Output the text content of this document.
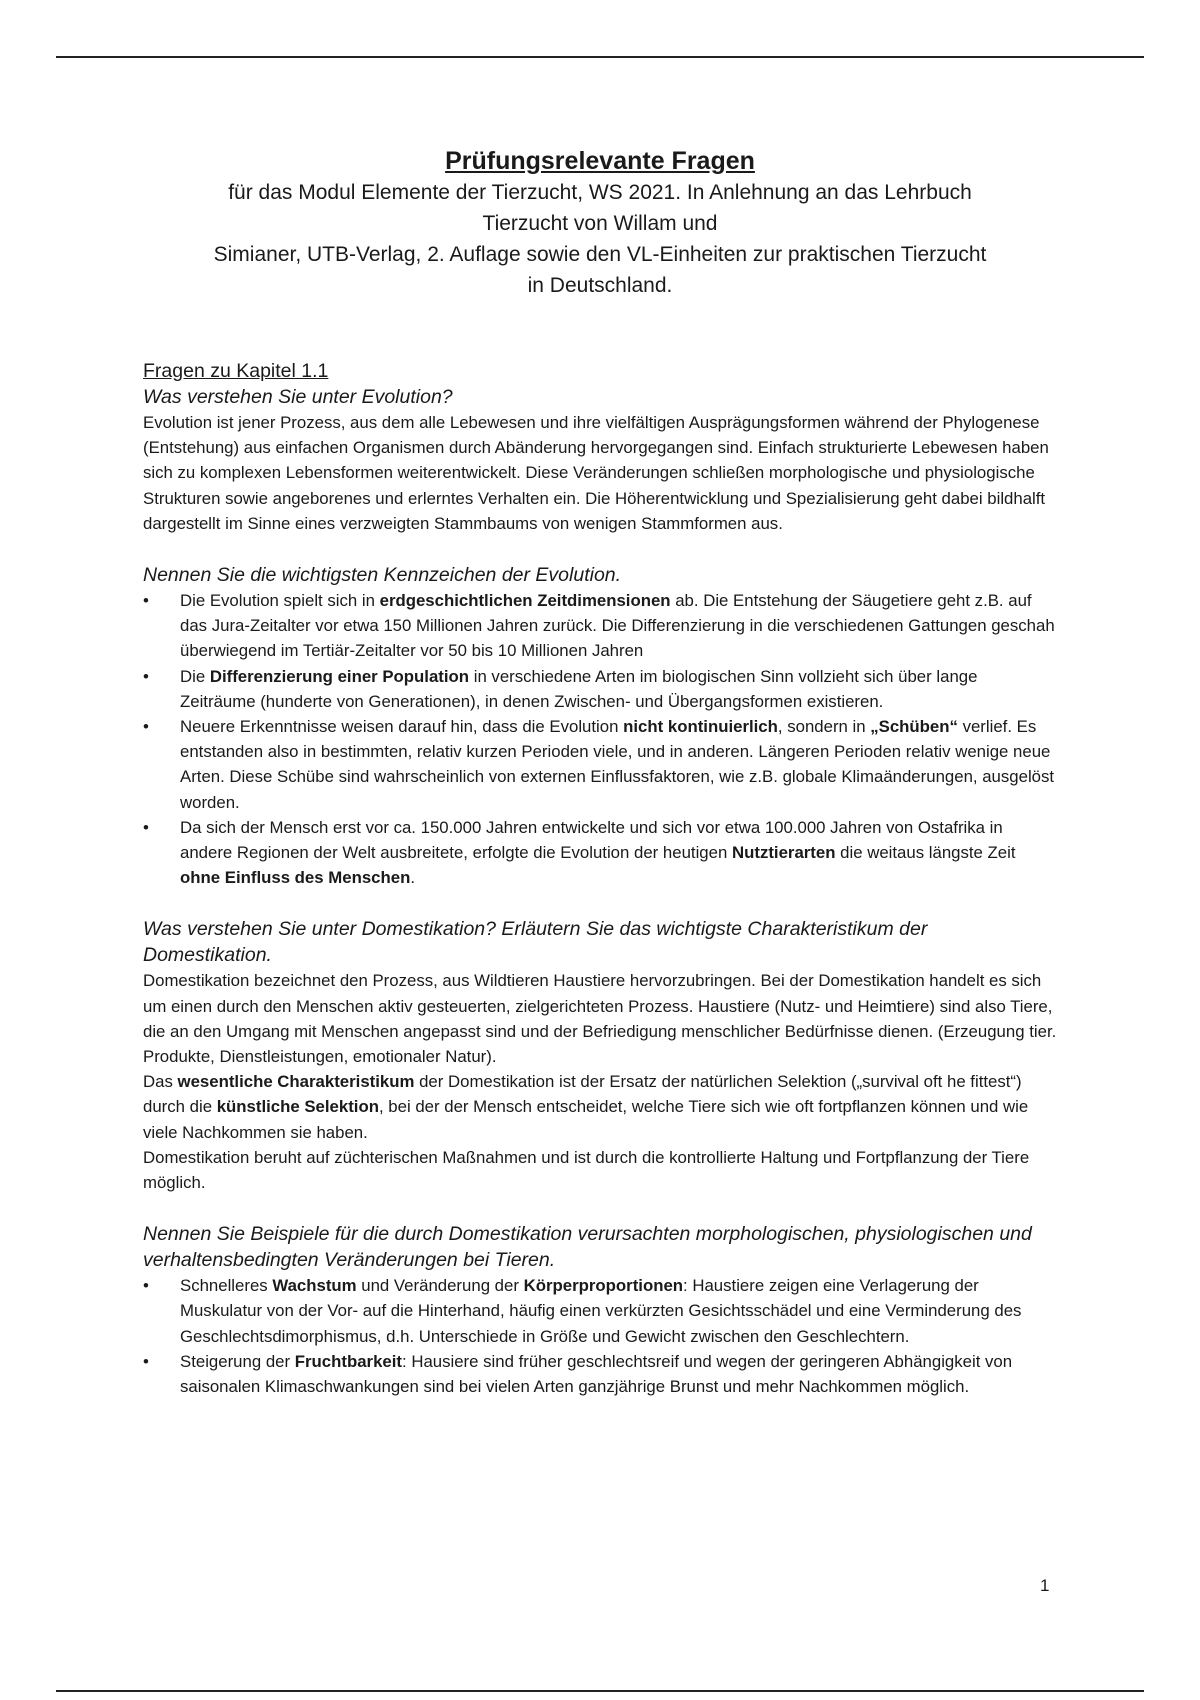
Prüfungsrelevante Fragen
für das Modul Elemente der Tierzucht, WS 2021. In Anlehnung an das Lehrbuch
Tierzucht von Willam und
Simianer, UTB-Verlag, 2. Auflage sowie den VL-Einheiten zur praktischen Tierzucht
in Deutschland.
Fragen zu Kapitel 1.1
Was verstehen Sie unter Evolution?

Evolution ist jener Prozess, aus dem alle Lebewesen und ihre vielfältigen Ausprägungsformen während der Phylogenese (Entstehung) aus einfachen Organismen durch Abänderung hervorgegangen sind. Einfach strukturierte Lebewesen haben sich zu komplexen Lebensformen weiterentwickelt. Diese Veränderungen schließen morphologische und physiologische Strukturen sowie angeborenes und erlerntes Verhalten ein. Die Höherentwicklung und Spezialisierung geht dabei bildhalft dargestellt im Sinne eines verzweigten Stammbaums von wenigen Stammformen aus.

Nennen Sie die wichtigsten Kennzeichen der Evolution.
• Die Evolution spielt sich in erdgeschichtlichen Zeitdimensionen ab. Die Entstehung der Säugetiere geht z.B. auf das Jura-Zeitalter vor etwa 150 Millionen Jahren zurück. Die Differenzierung in die verschiedenen Gattungen geschah überwiegend im Tertiär-Zeitalter vor 50 bis 10 Millionen Jahren
• Die Differenzierung einer Population in verschiedene Arten im biologischen Sinn vollzieht sich über lange Zeiträume (hunderte von Generationen), in denen Zwischen- und Übergangsformen existieren.
• Neuere Erkenntnisse weisen darauf hin, dass die Evolution nicht kontinuierlich, sondern in „Schüben“ verlief. Es entstanden also in bestimmten, relativ kurzen Perioden viele, und in anderen. Längeren Perioden relativ wenige neue Arten. Diese Schübe sind wahrscheinlich von externen Einflussfaktoren, wie z.B. globale Klimaänderungen, ausgelöst worden.
• Da sich der Mensch erst vor ca. 150.000 Jahren entwickelte und sich vor etwa 100.000 Jahren von Ostafrika in andere Regionen der Welt ausbreitete, erfolgte die Evolution der heutigen Nutztierarten die weitaus längste Zeit ohne Einfluss des Menschen.
Was verstehen Sie unter Domestikation? Erläutern Sie das wichtigste Charakteristikum der Domestikation.

Domestikation bezeichnet den Prozess, aus Wildtieren Haustiere hervorzubringen. Bei der Domestikation handelt es sich um einen durch den Menschen aktiv gesteuerten, zielgerichteten Prozess. Haustiere (Nutz- und Heimtiere) sind also Tiere, die an den Umgang mit Menschen angepasst sind und der Befriedigung menschlicher Bedürfnisse dienen. (Erzeugung tier. Produkte, Dienstleistungen, emotionaler Natur).

Das wesentliche Charakteristikum der Domestikation ist der Ersatz der natürlichen Selektion („survival oft he fittest“) durch die künstliche Selektion, bei der der Mensch entscheidet, welche Tiere sich wie oft fortpflanzen können und wie viele Nachkommen sie haben.

Domestikation beruht auf züchterischen Maßnahmen und ist durch die kontrollierte Haltung und Fortpflanzung der Tiere möglich.

Nennen Sie Beispiele für die durch Domestikation verursachten morphologischen, physiologischen und verhaltensbedingten Veränderungen bei Tieren.
• Schnelleres Wachstum und Veränderung der Körperproportionen: Haustiere zeigen eine Verlagerung der Muskulatur von der Vor- auf die Hinterhand, häufig einen verkürzten Gesichtsschädel und eine Verminderung des Geschlechtsdimorphismus, d.h. Unterschiede in Größe und Gewicht zwischen den Geschlechtern.
• Steigerung der Fruchtbarkeit: Hausiere sind früher geschlechtsreif und wegen der geringeren Abhängigkeit von saisonalen Klimaschwankungen sind bei vielen Arten ganzjährige Brunst und mehr Nachkommen möglich.
1
